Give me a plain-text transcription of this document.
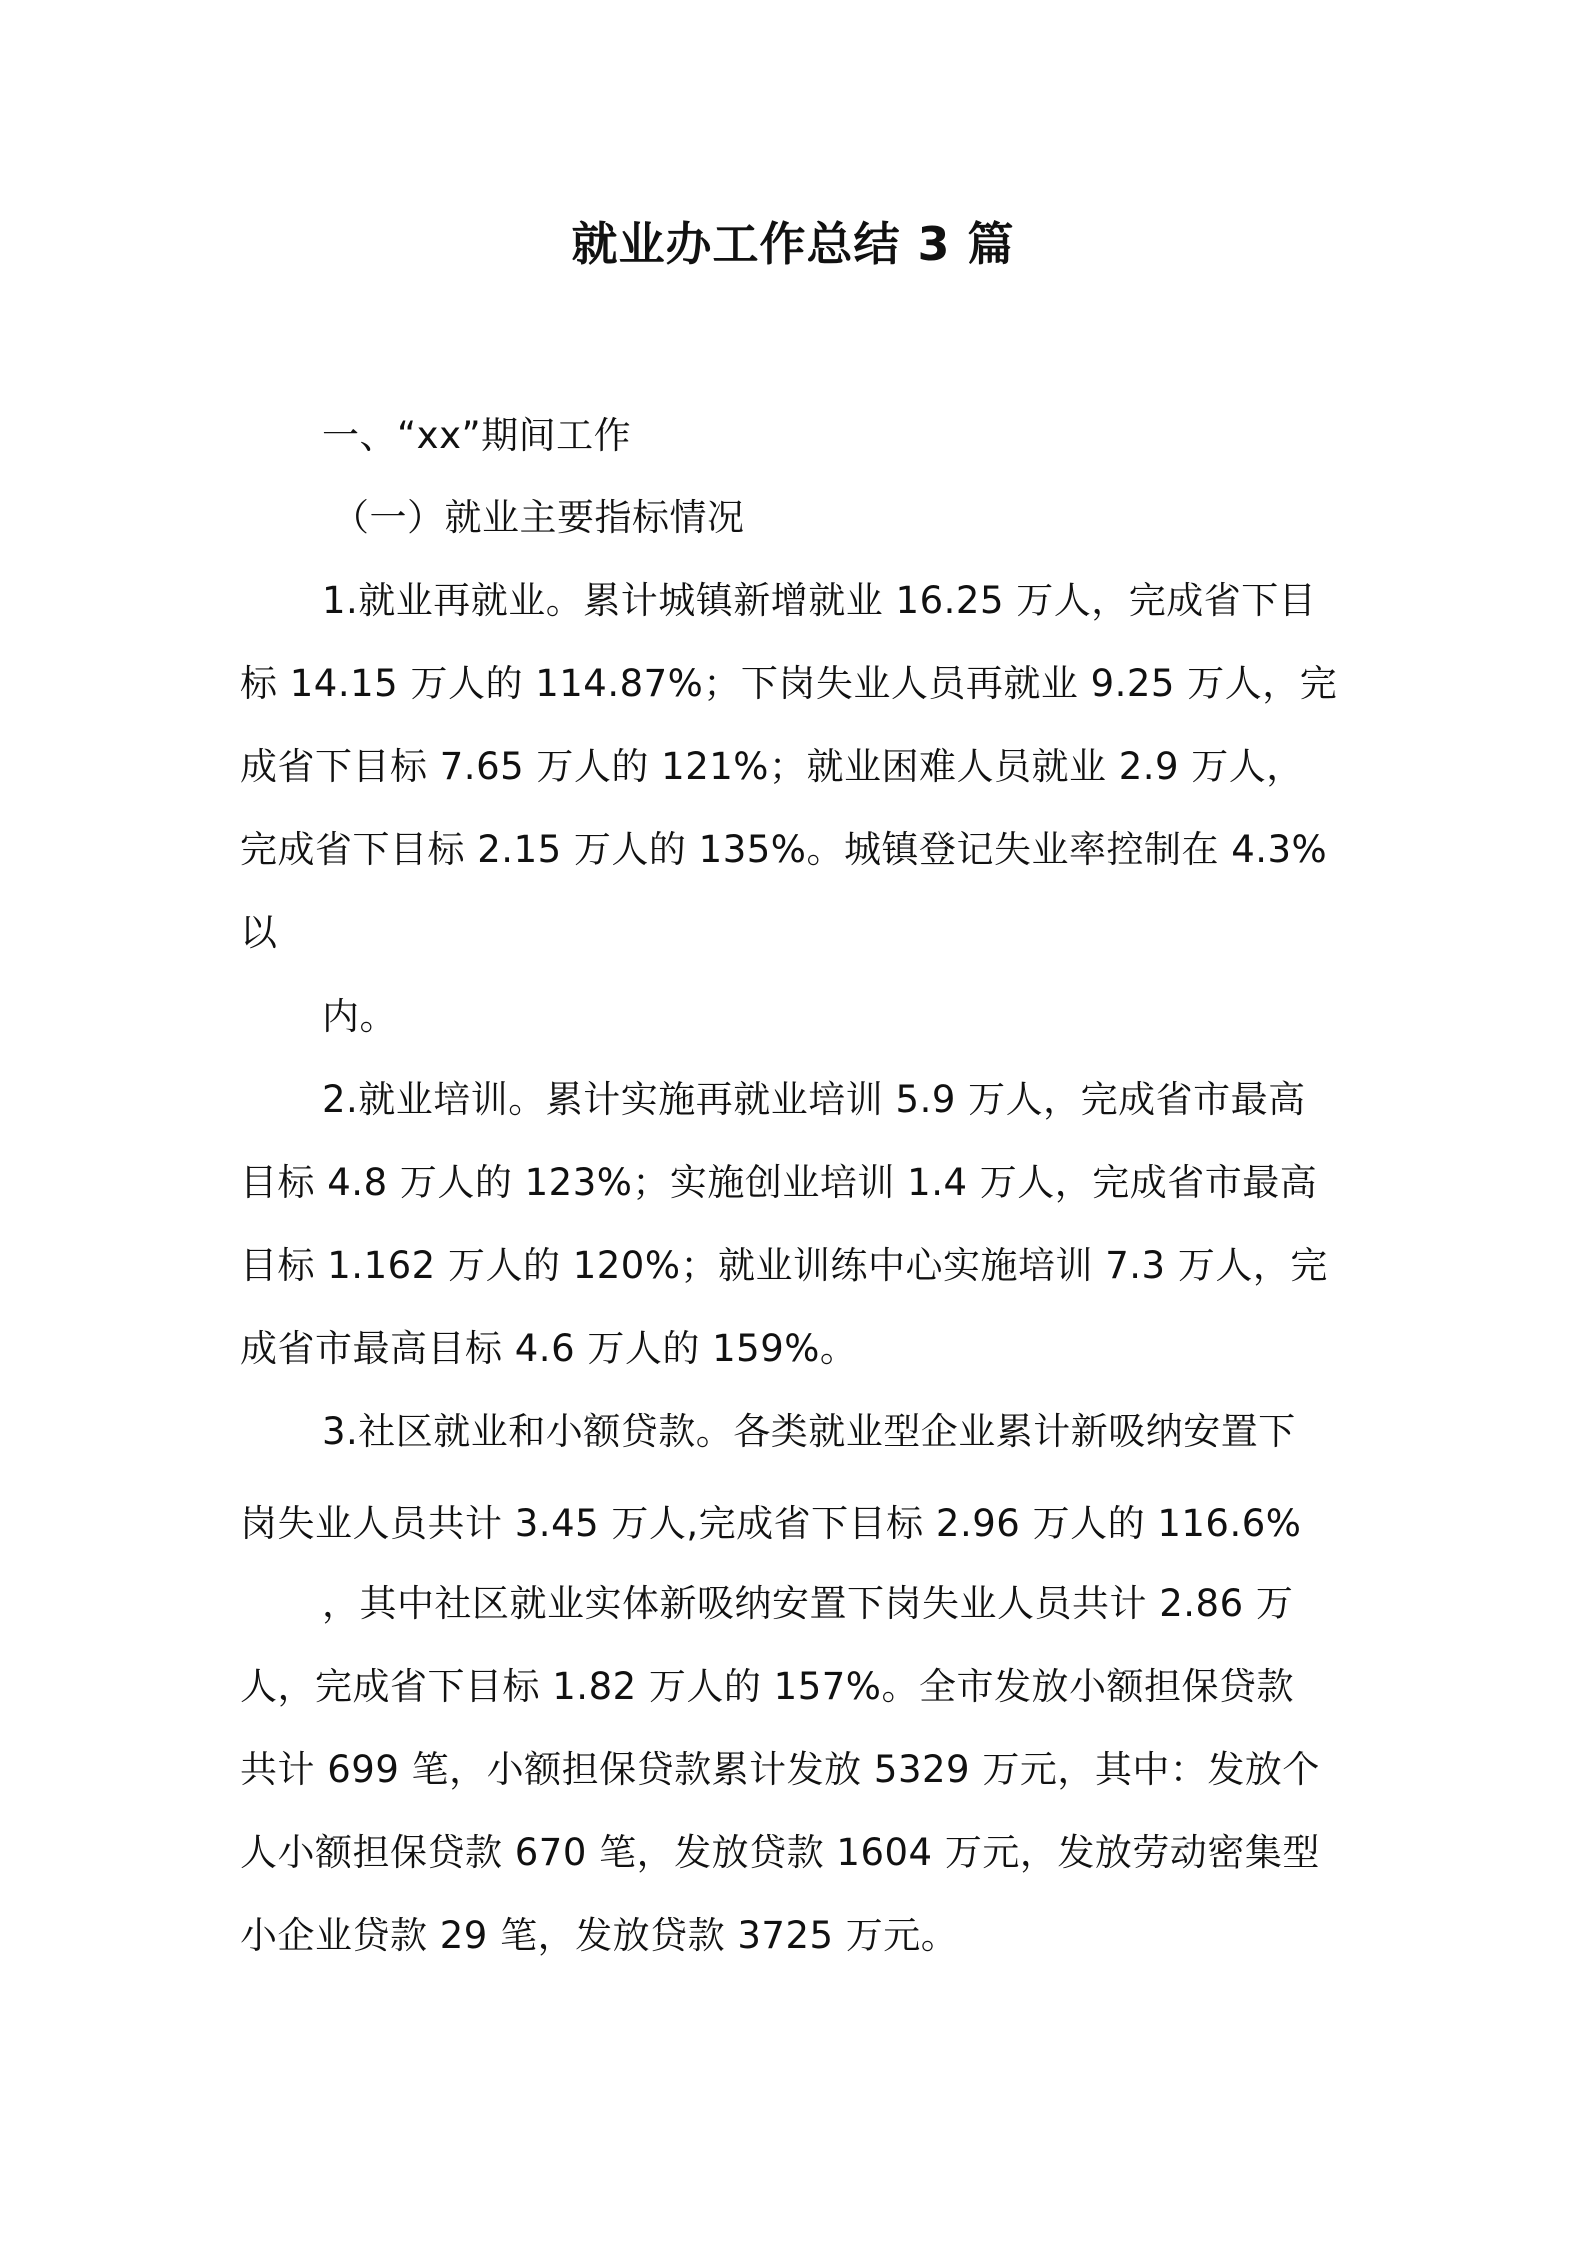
就业办工作总结 3 篇
一、“xx”期间工作
（一）就业主要指标情况
1.就业再就业。累计城镇新增就业 16.25 万人，完成省下目
标 14.15 万人的 114.87%；下岗失业人员再就业 9.25 万人，完
成省下目标 7.65 万人的 121%；就业困难人员就业 2.9 万人，
完成省下目标 2.15 万人的 135%。城镇登记失业率控制在 4.3%
以
内。
2.就业培训。累计实施再就业培训 5.9 万人，完成省市最高
目标 4.8 万人的 123%；实施创业培训 1.4 万人，完成省市最高
目标 1.162 万人的 120%；就业训练中心实施培训 7.3 万人，完
成省市最高目标 4.6 万人的 159%。
3.社区就业和小额贷款。各类就业型企业累计新吸纳安置下
岗失业人员共计 3.45 万人,完成省下目标 2.96 万人的 116.6%
，其中社区就业实体新吸纳安置下岗失业人员共计 2.86 万
人，完成省下目标 1.82 万人的 157%。全市发放小额担保贷款
共计 699 笔，小额担保贷款累计发放 5329 万元，其中：发放个
人小额担保贷款 670 笔，发放贷款 1604 万元，发放劳动密集型
小企业贷款 29 笔，发放贷款 3725 万元。
